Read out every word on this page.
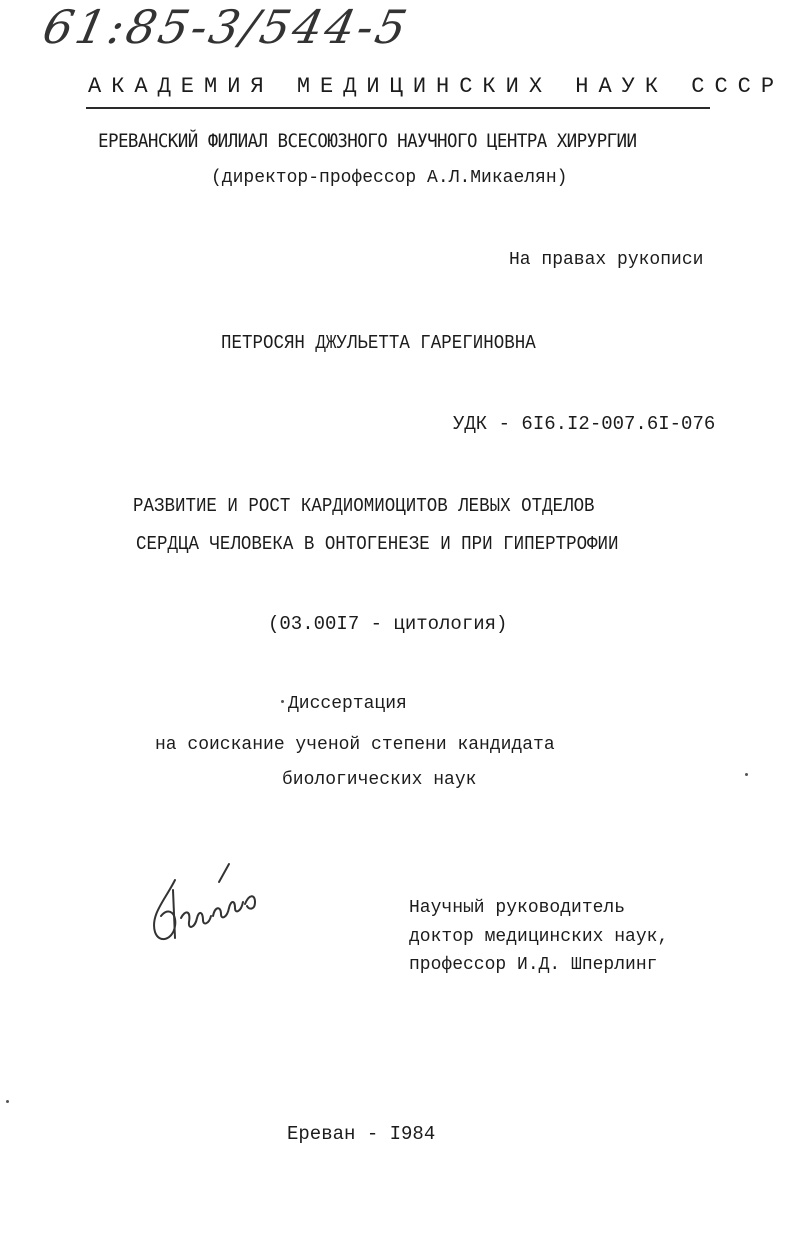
61:85-3/544-5
АКАДЕМИЯ МЕДИЦИНСКИХ НАУК СССР
ЕРЕВАНСКИЙ ФИЛИАЛ ВСЕСОЮЗНОГО НАУЧНОГО ЦЕНТРА ХИРУРГИИ
(директор-профессор А.Л.Микаелян)
На правах рукописи
ПЕТРОСЯН ДЖУЛЬЕТТА ГАРЕГИНОВНА
УДК - 6I6.I2-007.6I-076
РАЗВИТИЕ И РОСТ КАРДИОМИОЦИТОВ ЛЕВЫХ ОТДЕЛОВ
СЕРДЦА ЧЕЛОВЕКА В ОНТОГЕНЕЗЕ И ПРИ ГИПЕРТРОФИИ
(03.00I7 - цитология)
Диссертация
на соискание ученой степени кандидата
биологических наук
Научный руководитель
доктор медицинских наук,
профессор И.Д. Шперлинг
Ереван - I984
